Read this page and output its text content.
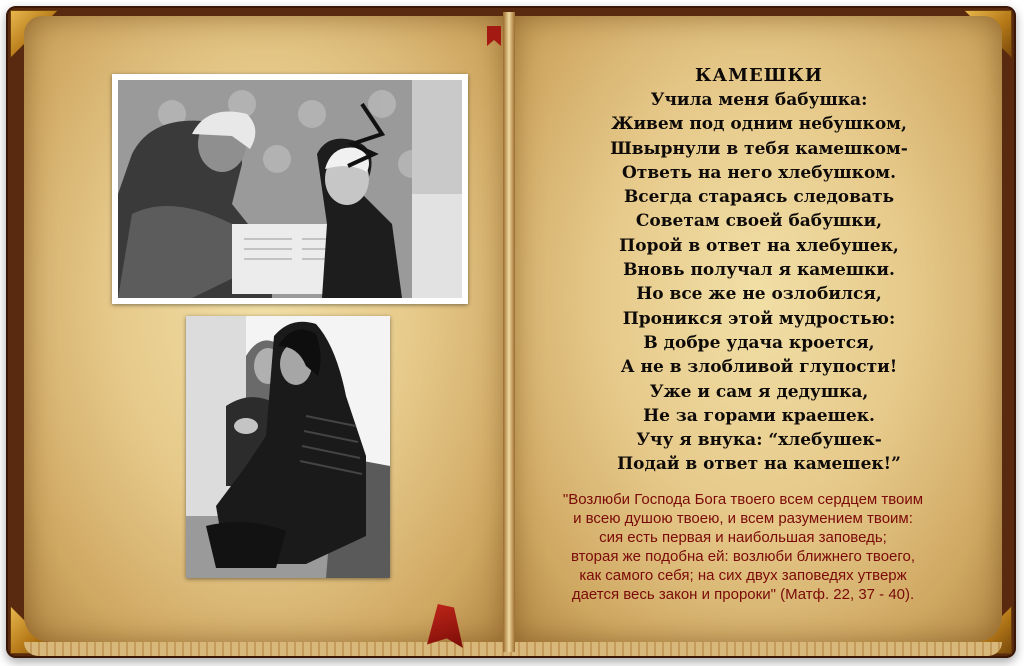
КАМЕШКИ

Учила меня бабушка:

Живем под одним небушком,

Швырнули в тебя камешком-

Ответь на него хлебушком.

Всегда стараясь следовать

Советам своей бабушки,

Порой в ответ на хлебушек,

Вновь получал я камешки.

Но все же не озлобился,

Проникся этой мудростью:

В добре удача кроется,

А не в злобливой глупости!

Уже и сам я дедушка,

Не за горами краешек.

Учу я внука: “хлебушек-

Подай в ответ на камешек!”

"Возлюби Господа Бога твоего всем сердцем твоим

и всею душою твоею, и всем разумением твоим:

сия есть первая и наибольшая заповедь;

вторая же подобна ей: возлюби ближнего твоего,

как самого себя; на сих двух заповедях утверж

дается весь закон и пророки" (Матф. 22, 37 - 40).
